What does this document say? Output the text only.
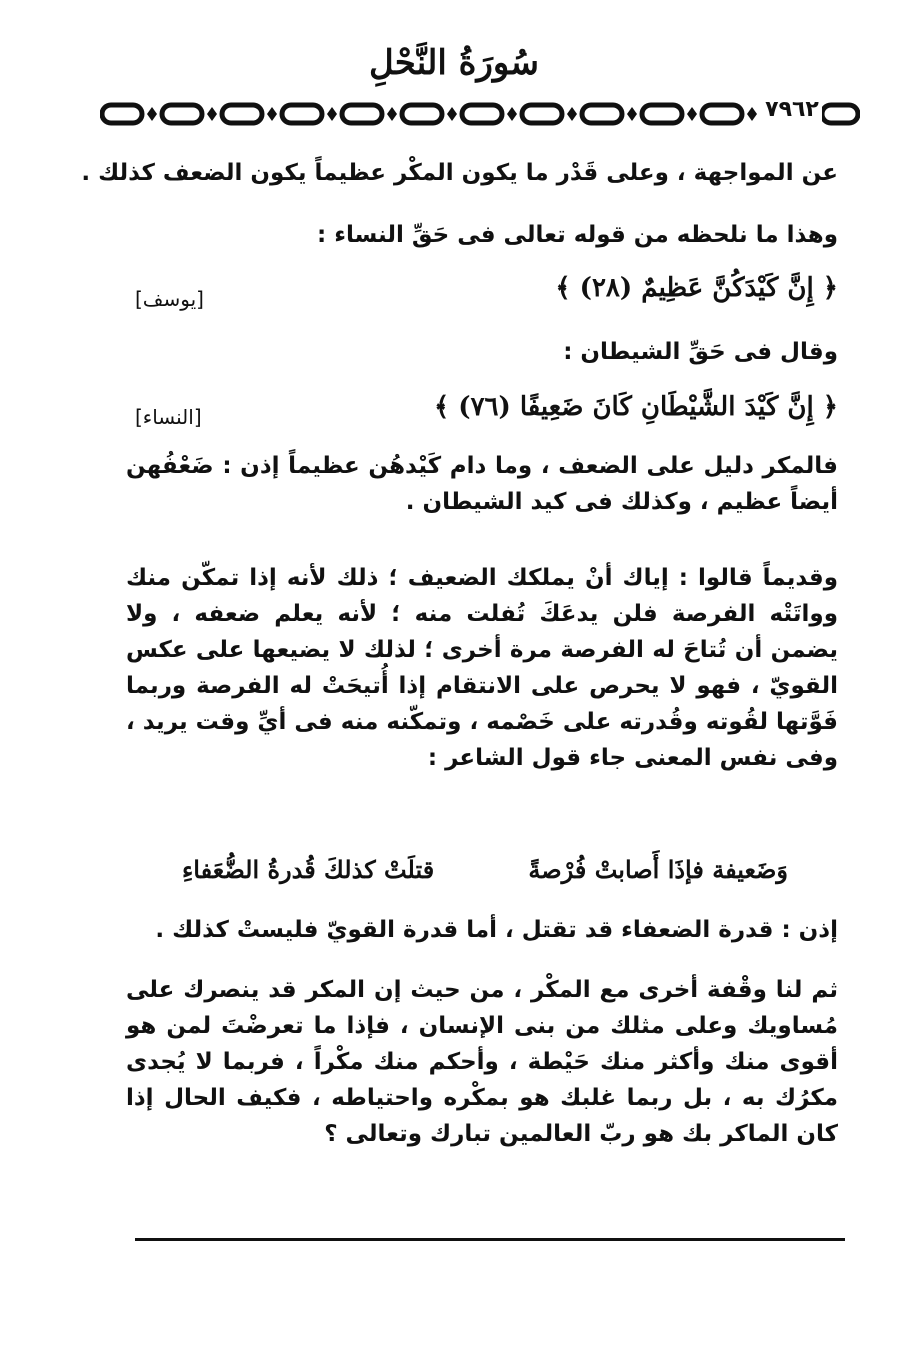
سُورَةُ النَّحْلِ
٧٩٦٢
عن المواجهة ، وعلى قَدْر ما يكون المكْر عظيماً يكون الضعف كذلك .
وهذا ما نلحظه من قوله تعالى فى حَقِّ النساء :
﴿ إِنَّ كَيْدَكُنَّ عَظِيمٌ (٢٨) ﴾
[يوسف]
وقال فى حَقِّ الشيطان :
﴿ إِنَّ كَيْدَ الشَّيْطَانِ كَانَ ضَعِيفًا (٧٦) ﴾
[النساء]
فالمكر دليل على الضعف ، وما دام كَيْدهُن عظيماً إذن : ضَعْفُهن أيضاً عظيم ، وكذلك فى كيد الشيطان .
وقديماً قالوا : إياك أنْ يملكك الضعيف ؛ ذلك لأنه إذا تمكّن منك وواتَتْه الفرصة فلن يدعَكَ تُفلت منه ؛ لأنه يعلم ضعفه ، ولا يضمن أن تُتاحَ له الفرصة مرة أخرى ؛ لذلك لا يضيعها على عكس القويّ ، فهو لا يحرص على الانتقام إذا أُتيحَتْ له الفرصة وربما فَوَّتها لقُوته وقُدرته على خَصْمه ، وتمكّنه منه فى أيِّ وقت يريد ، وفى نفس المعنى جاء قول الشاعر :
وَضَعيفة فإذَا أَصابتْ فُرْصةً
قتلَتْ كذلكَ قُدرةُ الضُّعَفاءِ
إذن : قدرة الضعفاء قد تقتل ، أما قدرة القويّ فليستْ كذلك .
ثم لنا وقْفة أخرى مع المكْر ، من حيث إن المكر قد ينصرك على مُساويك وعلى مثلك من بنى الإنسان ، فإذا ما تعرضْتَ لمن هو أقوى منك وأكثر منك حَيْطة ، وأحكم منك مكْراً ، فربما لا يُجدى مكرُك به ، بل ربما غلبك هو بمكْره واحتياطه ، فكيف الحال إذا كان الماكر بك هو ربّ العالمين تبارك وتعالى ؟
